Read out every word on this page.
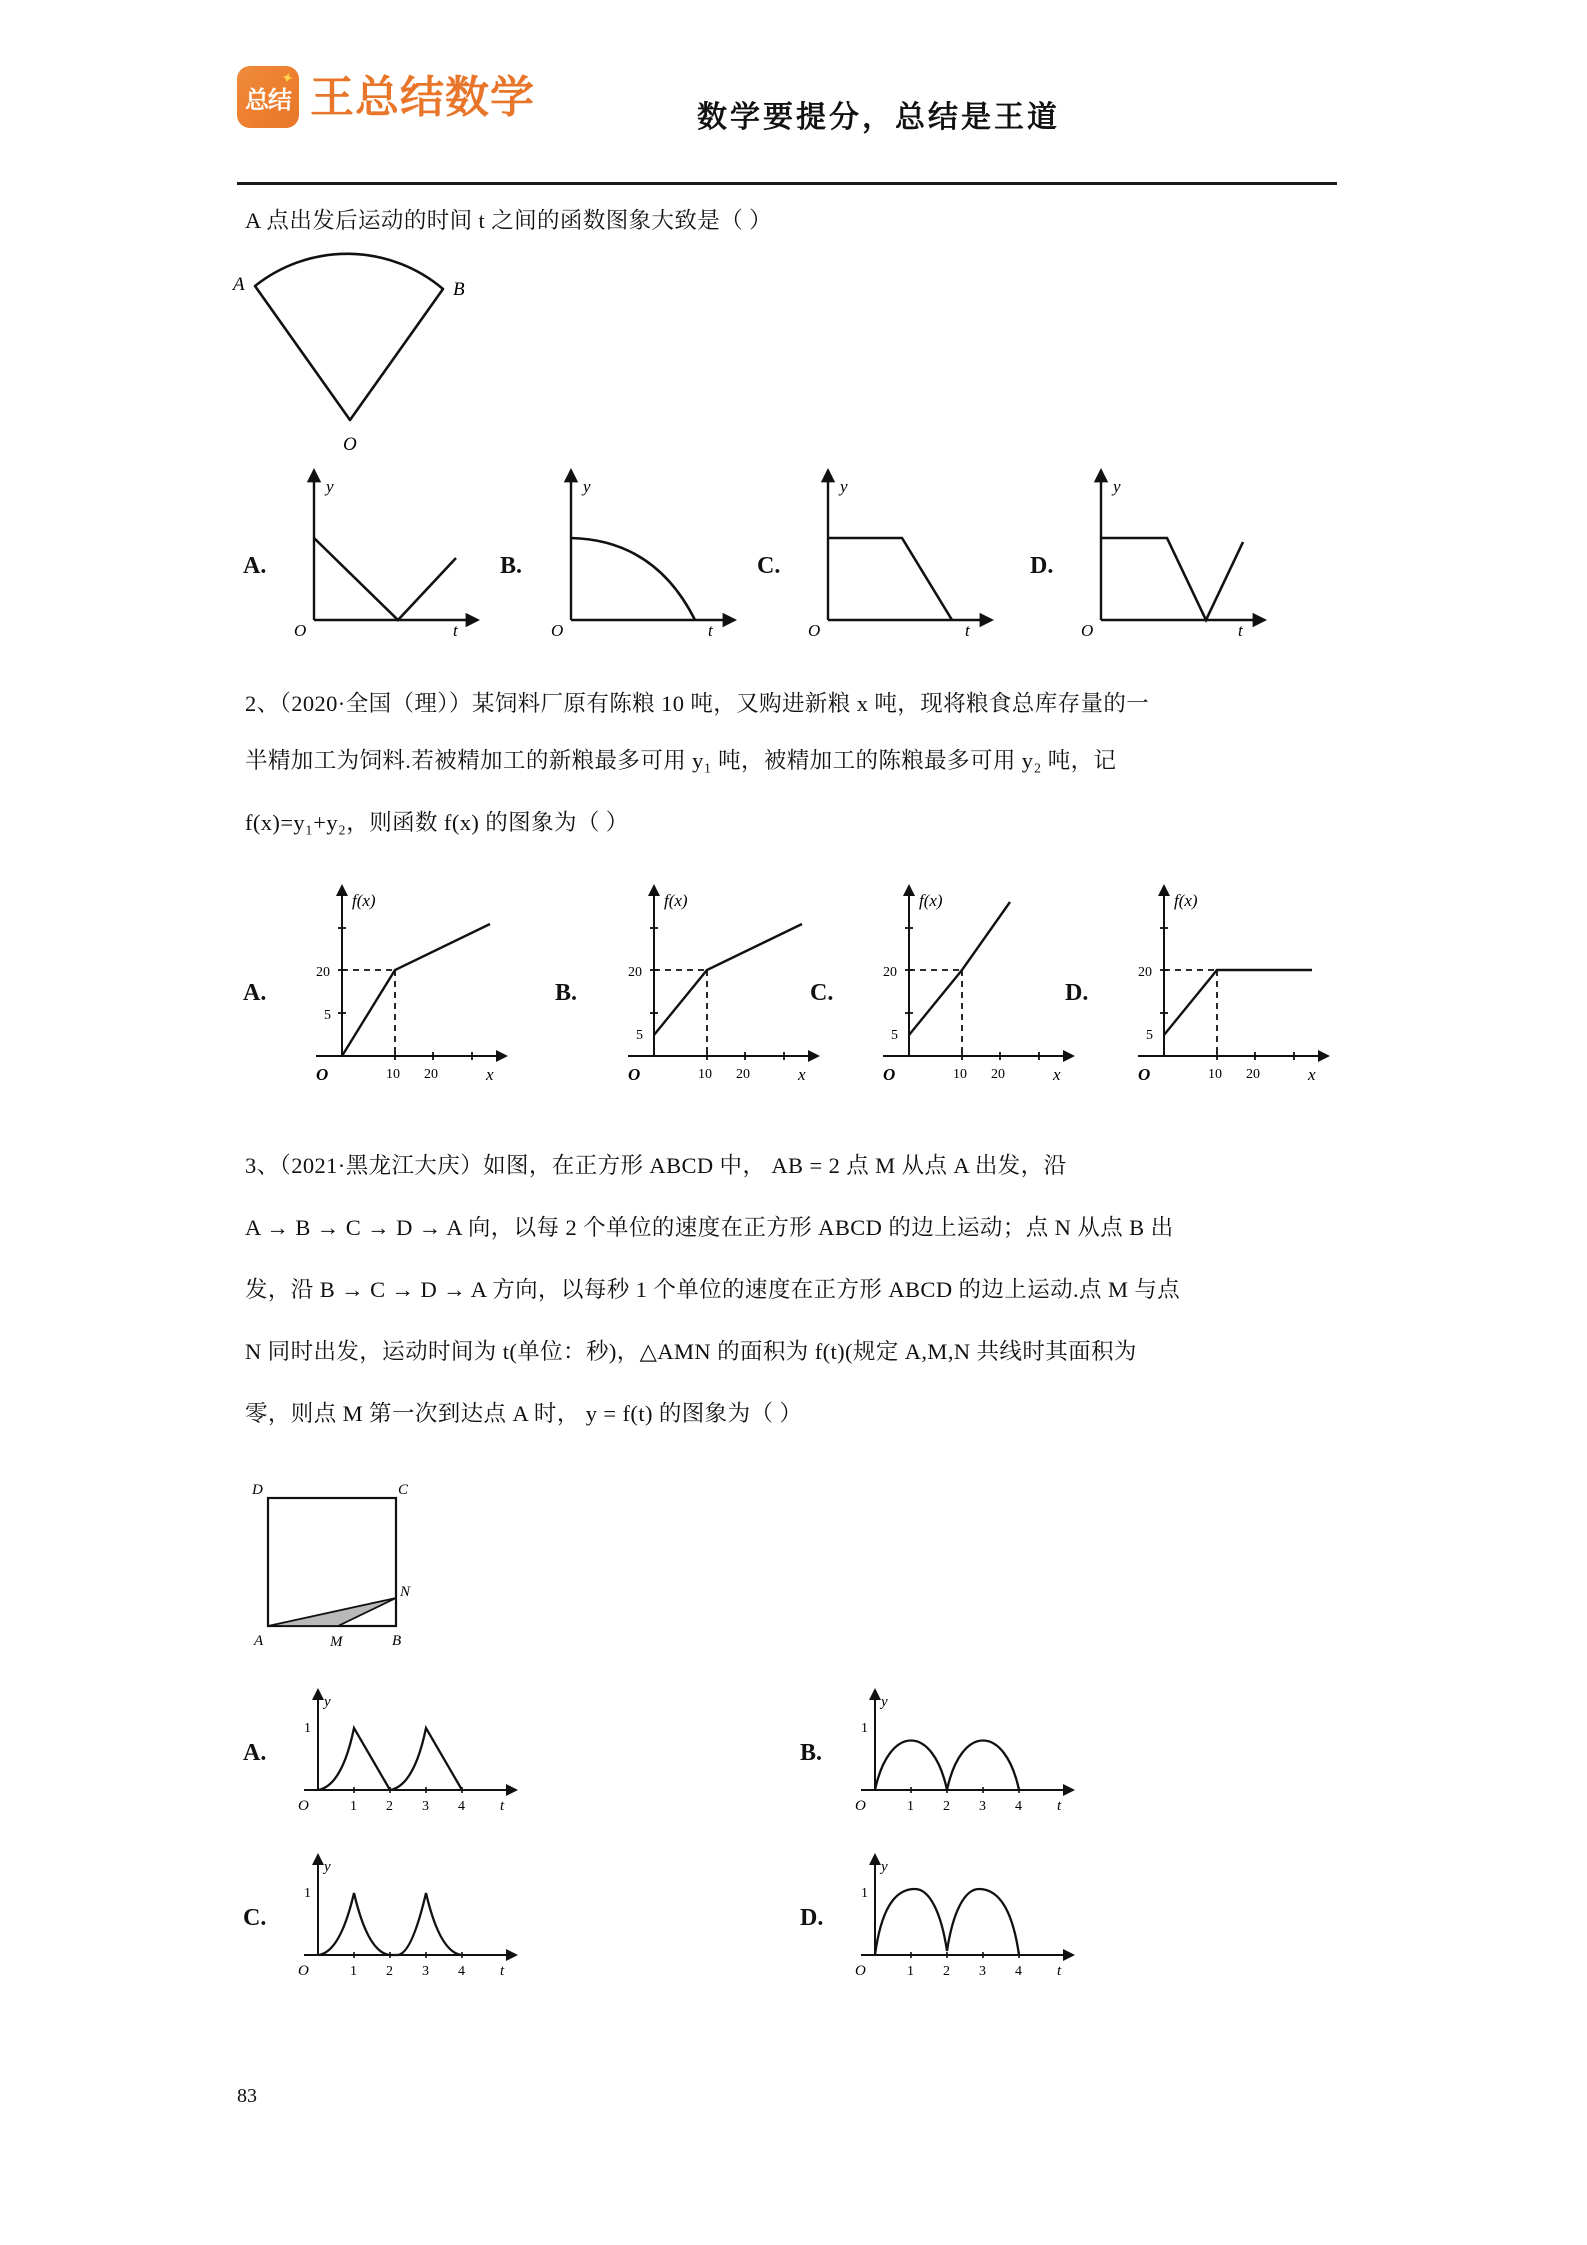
✦
总结 王总结数学	数学要提分，总结是王道
A 点出发后运动的时间 t 之间的函数图象大致是（ ）
A	B
O
A.
y
t
O
B.
y
t
O
C.
y
t
O
D.
y
t
O
2、（2020·全国（理））某饲料厂原有陈粮 10 吨，又购进新粮 x 吨，现将粮食总库存量的一
半精加工为饲料.若被精加工的新粮最多可用 y₁ 吨，被精加工的陈粮最多可用 y₂ 吨，记
f(x)=y₁+y₂，则函数 f(x) 的图象为（ ）
A.
f(x)
x
O
20
5
10 20
B.
f(x)
x
O
20
5
10 20
C.
f(x)
x
O
20
5
10 20
D.
f(x)
x
O
20
5
10 20
3、（2021·黑龙江大庆）如图，在正方形 ABCD 中， AB = 2 点 M 从点 A 出发，沿
A → B → C → D → A 向，以每 2 个单位的速度在正方形 ABCD 的边上运动；点 N 从点 B 出
发，沿 B → C → D → A 方向，以每秒 1 个单位的速度在正方形 ABCD 的边上运动.点 M 与点
N 同时出发，运动时间为 t(单位：秒)，△AMN 的面积为 f(t)(规定 A,M,N 共线时其面积为
零，则点 M 第一次到达点 A 时， y = f(t) 的图象为（ ）
D	C
A	B
M
N
A.
y
t
O
1
1 2 3 4
B.
y
t
O
1
1 2 3 4
C.
y
t
O
1
1 2 3 4
D.
y
t
O
1
1 2 3 4
83
